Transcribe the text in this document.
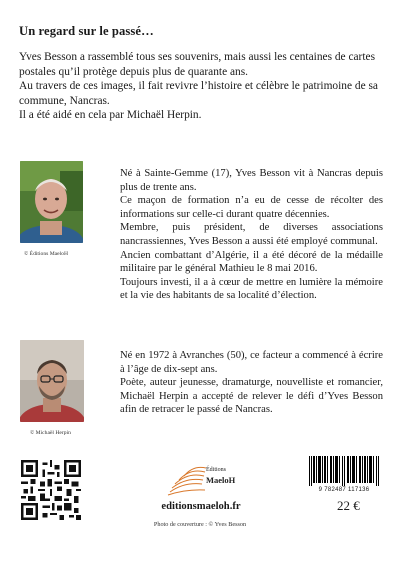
Un regard sur le passé…

Yves Besson a rassemblé tous ses souvenirs, mais aussi les centaines de cartes postales qu’il protège depuis plus de quarante ans.

Au travers de ces images, il fait revivre l’histoire et célèbre le patrimoine de sa commune, Nancras.

Il a été aidé en cela par Michaël Herpin.

© Éditions MaeloH

Né à Sainte-Gemme (17), Yves Besson vit à Nancras depuis plus de trente ans.

Ce maçon de formation n’a eu de cesse de récolter des informations sur celle-ci durant quatre décennies.

Membre, puis président, de diverses associations nancrassiennes, Yves Besson a aussi été employé communal.

Ancien combattant d’Algérie, il a été décoré de la médaille militaire par le général Mathieu le 8 mai 2016.

Toujours investi, il a à cœur de mettre en lumière la mémoire et la vie des habitants de sa localité d’élection.

© Michaël Herpin

Né en 1972 à Avranches (50), ce facteur a commencé à écrire à l’âge de dix-sept ans.

Poète, auteur jeunesse, dramaturge, nouvelliste et romancier, Michaël Herpin a accepté de relever le défi d’Yves Besson afin de retracer le passé de Nancras.

Éditions
MaeloH
editionsmaeloh.fr
Photo de couverture : © Yves Besson
9 782487 117136
22 €
